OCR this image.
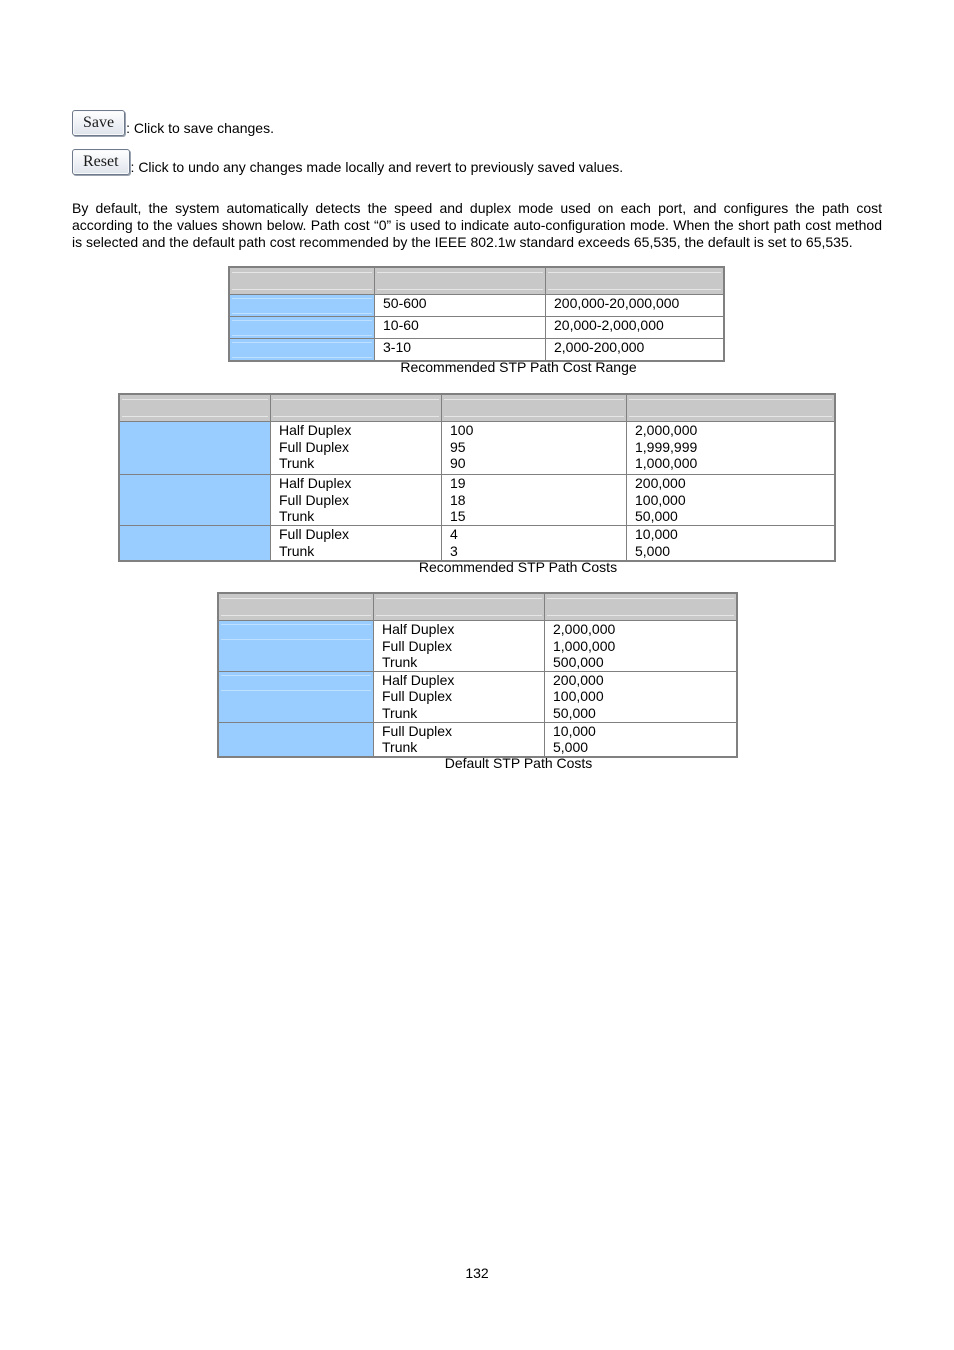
Save : Click to save changes.
Reset : Click to undo any changes made locally and revert to previously saved values.

By default, the system automatically detects the speed and duplex mode used on each port, and configures the path cost according to the values shown below. Path cost “0” is used to indicate auto-configuration mode. When the short path cost method is selected and the default path cost recommended by the IEEE 802.1w standard exceeds 65,535, the default is set to 65,535.

	50-600	200,000-20,000,000

	10-60	20,000-2,000,000

	3-10	2,000-200,000
Recommended STP Path Cost Range

	Half Duplex
Full Duplex
Trunk	100
95
90	2,000,000
1,999,999
1,000,000
	Half Duplex
Full Duplex
Trunk	19
18
15	200,000
100,000
50,000
	Full Duplex
Trunk	4
3	10,000
5,000
Recommended STP Path Costs

	Half Duplex
Full Duplex
Trunk	2,000,000
1,000,000
500,000

	Half Duplex
Full Duplex
Trunk	200,000
100,000
50,000
	Full Duplex
Trunk	10,000
5,000
Default STP Path Costs
132
